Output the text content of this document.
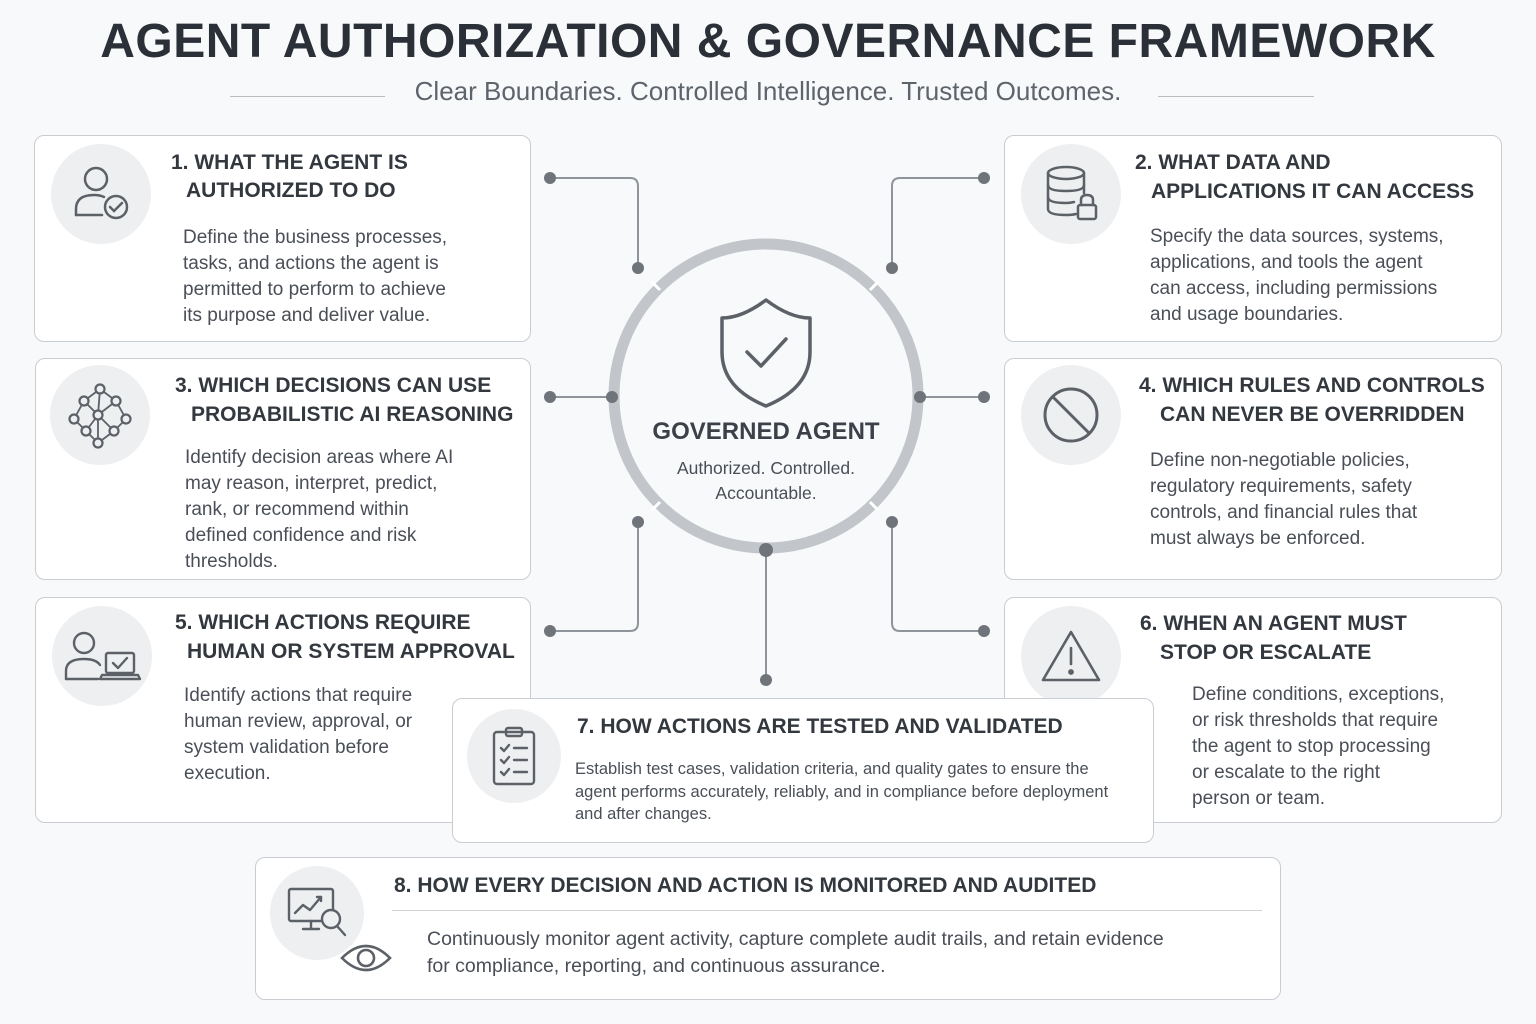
AGENT AUTHORIZATION & GOVERNANCE FRAMEWORK
Clear Boundaries. Controlled Intelligence. Trusted Outcomes.
GOVERNED AGENT
Authorized. Controlled.
Accountable.
1. WHAT THE AGENT IS
AUTHORIZED TO DO
Define the business processes,
tasks, and actions the agent is
permitted to perform to achieve
its purpose and deliver value.
2. WHAT DATA AND
APPLICATIONS IT CAN ACCESS
Specify the data sources, systems,
applications, and tools the agent
can access, including permissions
and usage boundaries.
3. WHICH DECISIONS CAN USE
PROBABILISTIC AI REASONING
Identify decision areas where AI
may reason, interpret, predict,
rank, or recommend within
defined confidence and risk
thresholds.
4. WHICH RULES AND CONTROLS
CAN NEVER BE OVERRIDDEN
Define non-negotiable policies,
regulatory requirements, safety
controls, and financial rules that
must always be enforced.
5. WHICH ACTIONS REQUIRE
HUMAN OR SYSTEM APPROVAL
Identify actions that require
human review, approval, or
system validation before
execution.
6. WHEN AN AGENT MUST
STOP OR ESCALATE
Define conditions, exceptions,
or risk thresholds that require
the agent to stop processing
or escalate to the right
person or team.
7. HOW ACTIONS ARE TESTED AND VALIDATED
Establish test cases, validation criteria, and quality gates to ensure the
agent performs accurately, reliably, and in compliance before deployment
and after changes.
8. HOW EVERY DECISION AND ACTION IS MONITORED AND AUDITED
Continuously monitor agent activity, capture complete audit trails, and retain evidence
for compliance, reporting, and continuous assurance.
